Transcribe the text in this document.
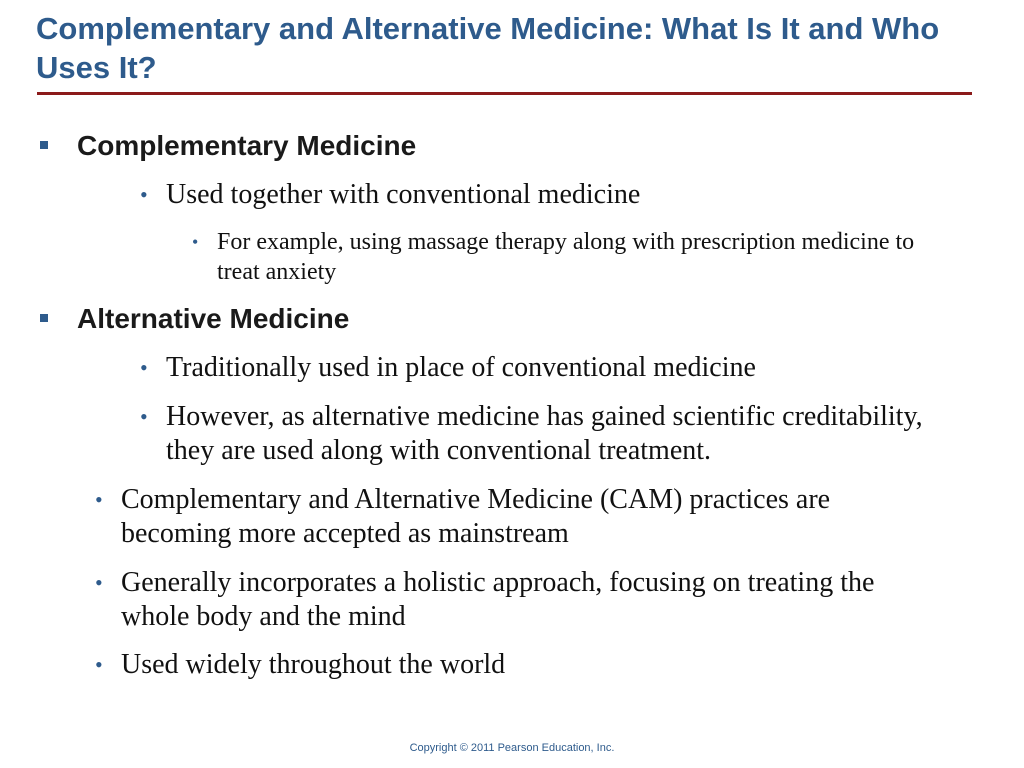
Complementary and Alternative Medicine: What Is It and Who Uses It?
Complementary Medicine
• Used together with conventional medicine
• For example, using massage therapy along with prescription medicine to treat anxiety
Alternative Medicine
• Traditionally used in place of conventional medicine
• However, as alternative medicine has gained scientific creditability, they are used along with conventional treatment.
• Complementary and Alternative Medicine (CAM) practices are becoming more accepted as mainstream
• Generally incorporates a holistic approach, focusing on treating the whole body and the mind
• Used widely throughout the world
Copyright © 2011 Pearson Education, Inc.
